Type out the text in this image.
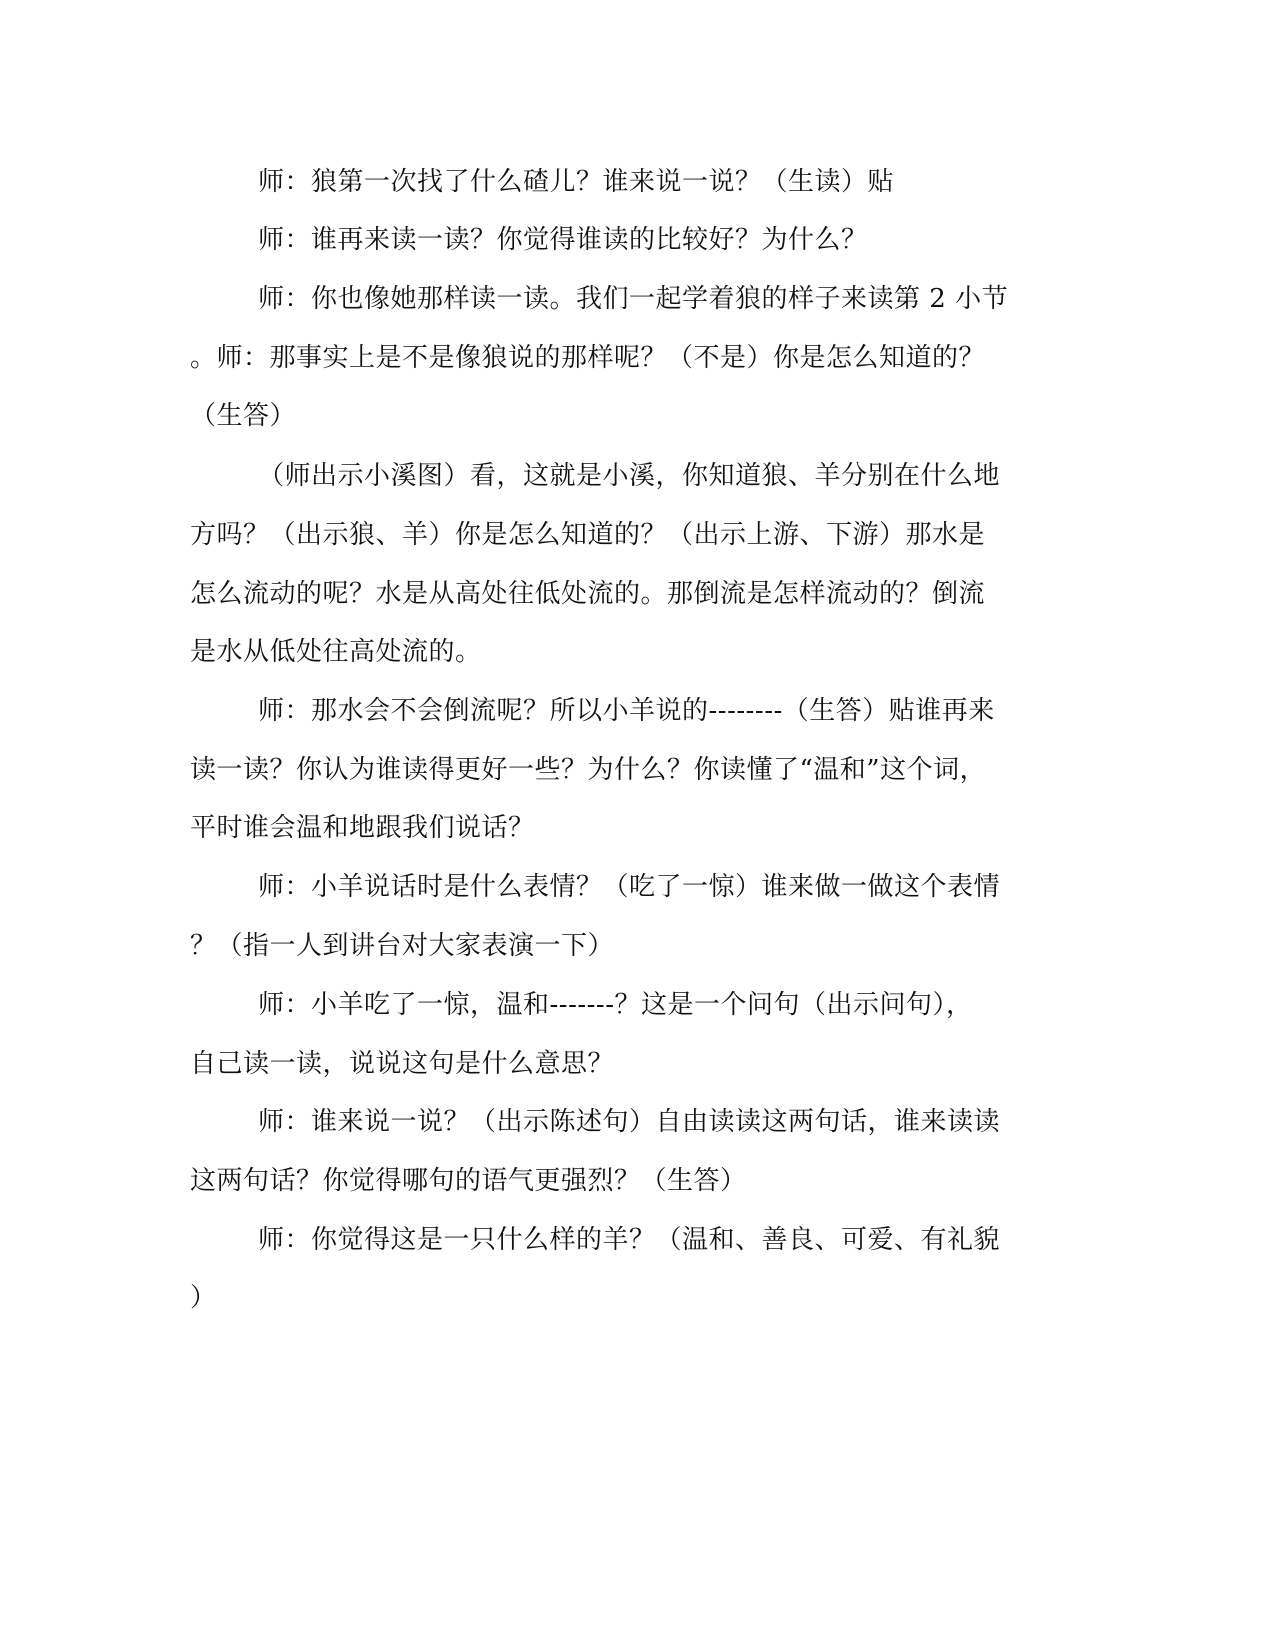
师：狼第一次找了什么碴儿？谁来说一说？（生读）贴
师：谁再来读一读？你觉得谁读的比较好？为什么？
师：你也像她那样读一读。我们一起学着狼的样子来读第 2 小节
。师：那事实上是不是像狼说的那样呢？（不是）你是怎么知道的？
（生答）
（师出示小溪图）看，这就是小溪，你知道狼、羊分别在什么地
方吗？（出示狼、羊）你是怎么知道的？（出示上游、下游）那水是
怎么流动的呢？水是从高处往低处流的。那倒流是怎样流动的？倒流
是水从低处往高处流的。
师：那水会不会倒流呢？所以小羊说的--------（生答）贴谁再来
读一读？你认为谁读得更好一些？为什么？你读懂了“温和”这个词，
平时谁会温和地跟我们说话？
师：小羊说话时是什么表情？（吃了一惊）谁来做一做这个表情
？（指一人到讲台对大家表演一下）
师：小羊吃了一惊，温和-------？这是一个问句（出示问句），
自己读一读，说说这句是什么意思？
师：谁来说一说？（出示陈述句）自由读读这两句话，谁来读读
这两句话？你觉得哪句的语气更强烈？（生答）
师：你觉得这是一只什么样的羊？（温和、善良、可爱、有礼貌
）
